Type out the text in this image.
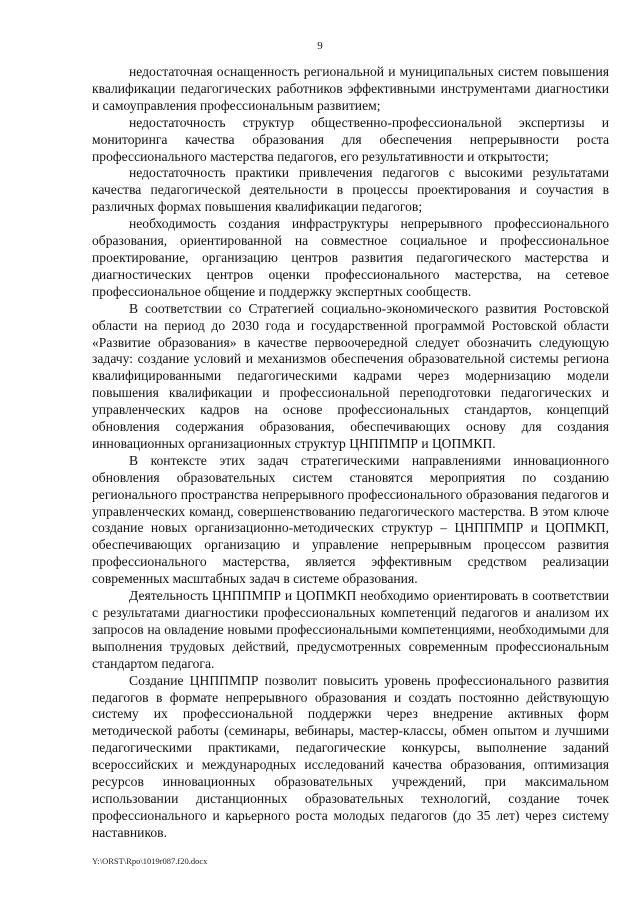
9

недостаточная оснащенность региональной и муниципальных систем повышения квалификации педагогических работников эффективными инструментами диагностики и самоуправления профессиональным развитием;

недостаточность структур общественно-профессиональной экспертизы и мониторинга качества образования для обеспечения непрерывности роста профессионального мастерства педагогов, его результативности и открытости;

недостаточность практики привлечения педагогов с высокими результатами качества педагогической деятельности в процессы проектирования и соучастия в различных формах повышения квалификации педагогов;

необходимость создания инфраструктуры непрерывного профессионального образования, ориентированной на совместное социальное и профессиональное проектирование, организацию центров развития педагогического мастерства и диагностических центров оценки профессионального мастерства, на сетевое профессиональное общение и поддержку экспертных сообществ.

В соответствии со Стратегией социально-экономического развития Ростовской области на период до 2030 года и государственной программой Ростовской области «Развитие образования» в качестве первоочередной следует обозначить следующую задачу: создание условий и механизмов обеспечения образовательной системы региона квалифицированными педагогическими кадрами через модернизацию модели повышения квалификации и профессиональной переподготовки педагогических и управленческих кадров на основе профессиональных стандартов, концепций обновления содержания образования, обеспечивающих основу для создания инновационных организационных структур ЦНППМПР и ЦОПМКП.

В контексте этих задач стратегическими направлениями инновационного обновления образовательных систем становятся мероприятия по созданию регионального пространства непрерывного профессионального образования педагогов и управленческих команд, совершенствованию педагогического мастерства. В этом ключе создание новых организационно-методических структур – ЦНППМПР и ЦОПМКП, обеспечивающих организацию и управление непрерывным процессом развития профессионального мастерства, является эффективным средством реализации современных масштабных задач в системе образования.

Деятельность ЦНППМПР и ЦОПМКП необходимо ориентировать в соответствии с результатами диагностики профессиональных компетенций педагогов и анализом их запросов на овладение новыми профессиональными компетенциями, необходимыми для выполнения трудовых действий, предусмотренных современным профессиональным стандартом педагога.

Создание ЦНППМПР позволит повысить уровень профессионального развития педагогов в формате непрерывного образования и создать постоянно действующую систему их профессиональной поддержки через внедрение активных форм методической работы (семинары, вебинары, мастер-классы, обмен опытом и лучшими педагогическими практиками, педагогические конкурсы, выполнение заданий всероссийских и международных исследований качества образования, оптимизация ресурсов инновационных образовательных учреждений, при максимальном использовании дистанционных образовательных технологий, создание точек профессионального и карьерного роста молодых педагогов (до 35 лет) через систему наставников.

Y:\ORST\Rpo\1019r087.f20.docx
